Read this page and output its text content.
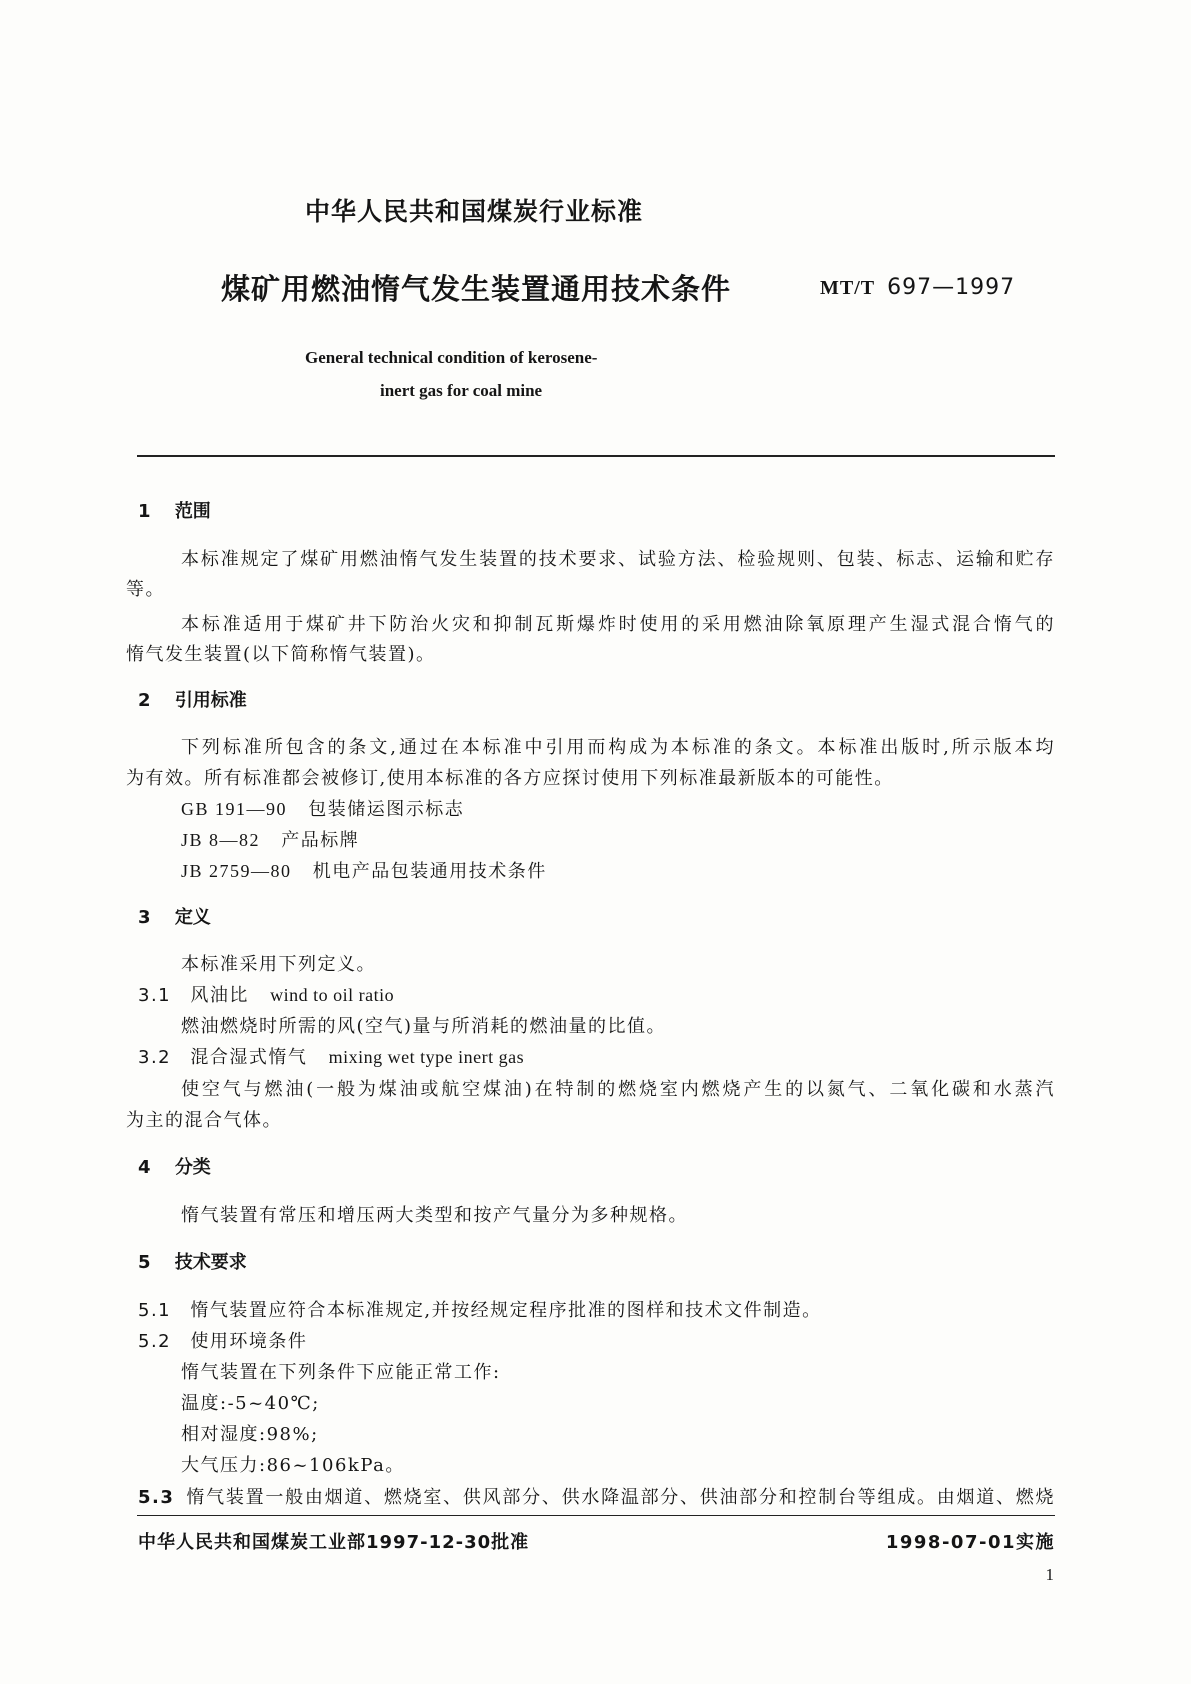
中华人民共和国煤炭行业标准
煤矿用燃油惰气发生装置通用技术条件	MT/T 697—1997
General technical condition of kerosene-
inert gas for coal mine
1 范围
本标准规定了煤矿用燃油惰气发生装置的技术要求、试验方法、检验规则、包装、标志、运输和贮存
等。
本标准适用于煤矿井下防治火灾和抑制瓦斯爆炸时使用的采用燃油除氧原理产生湿式混合惰气的
惰气发生装置(以下简称惰气装置)。
2 引用标准
下列标准所包含的条文,通过在本标准中引用而构成为本标准的条文。本标准出版时,所示版本均
为有效。所有标准都会被修订,使用本标准的各方应探讨使用下列标准最新版本的可能性。
GB 191—90 包装储运图示标志
JB 8—82 产品标牌
JB 2759—80 机电产品包装通用技术条件
3 定义
本标准采用下列定义。
3.1 风油比 wind to oil ratio
燃油燃烧时所需的风(空气)量与所消耗的燃油量的比值。
3.2 混合湿式惰气 mixing wet type inert gas
使空气与燃油(一般为煤油或航空煤油)在特制的燃烧室内燃烧产生的以氮气、二氧化碳和水蒸汽
为主的混合气体。
4 分类
惰气装置有常压和增压两大类型和按产气量分为多种规格。
5 技术要求
5.1 惰气装置应符合本标准规定,并按经规定程序批准的图样和技术文件制造。
5.2 使用环境条件
惰气装置在下列条件下应能正常工作:
温度:-5~40℃;
相对湿度:98%;
大气压力:86~106kPa。
5.3 惰气装置一般由烟道、燃烧室、供风部分、供水降温部分、供油部分和控制台等组成。由烟道、燃烧
中华人民共和国煤炭工业部1997-12-30批准	1998-07-01实施
1
